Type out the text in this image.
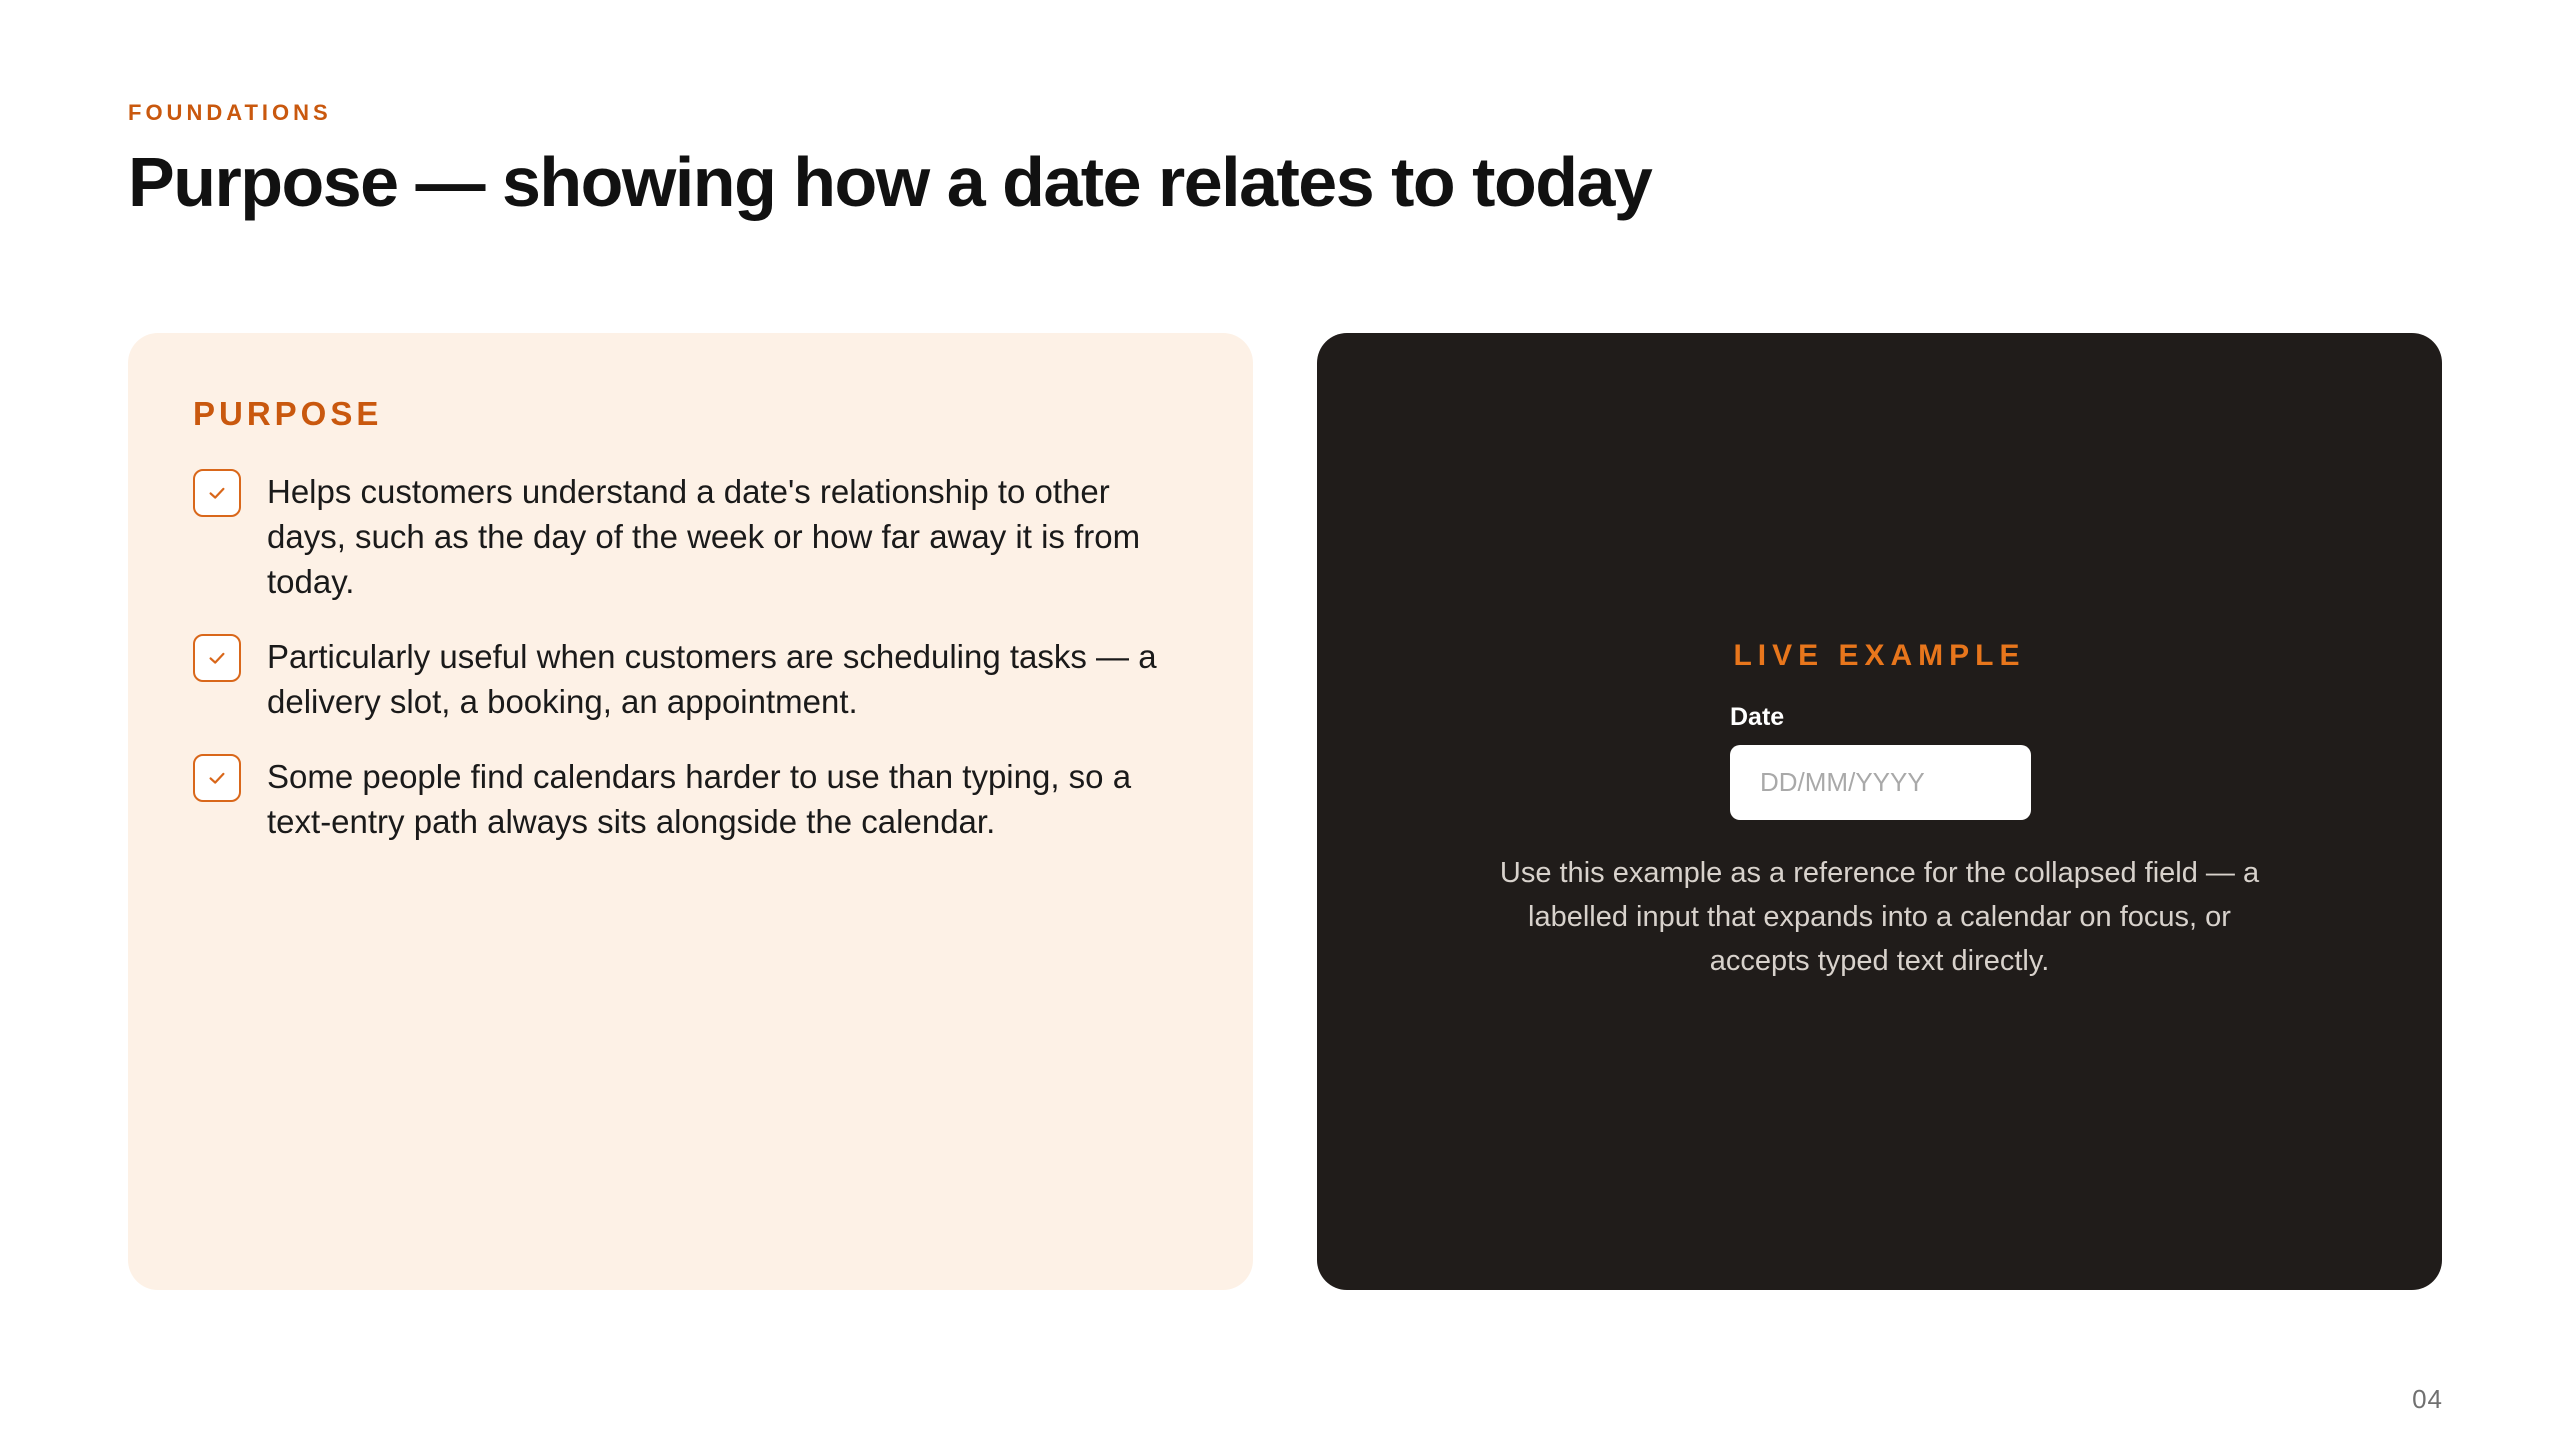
FOUNDATIONS
Purpose — showing how a date relates to today
PURPOSE
Helps customers understand a date's relationship to other days, such as the day of the week or how far away it is from today.
Particularly useful when customers are scheduling tasks — a delivery slot, a booking, an appointment.
Some people find calendars harder to use than typing, so a text-entry path always sits alongside the calendar.
LIVE EXAMPLE
Date
DD/MM/YYYY

Use this example as a reference for the collapsed field — a labelled input that expands into a calendar on focus, or accepts typed text directly.

04
